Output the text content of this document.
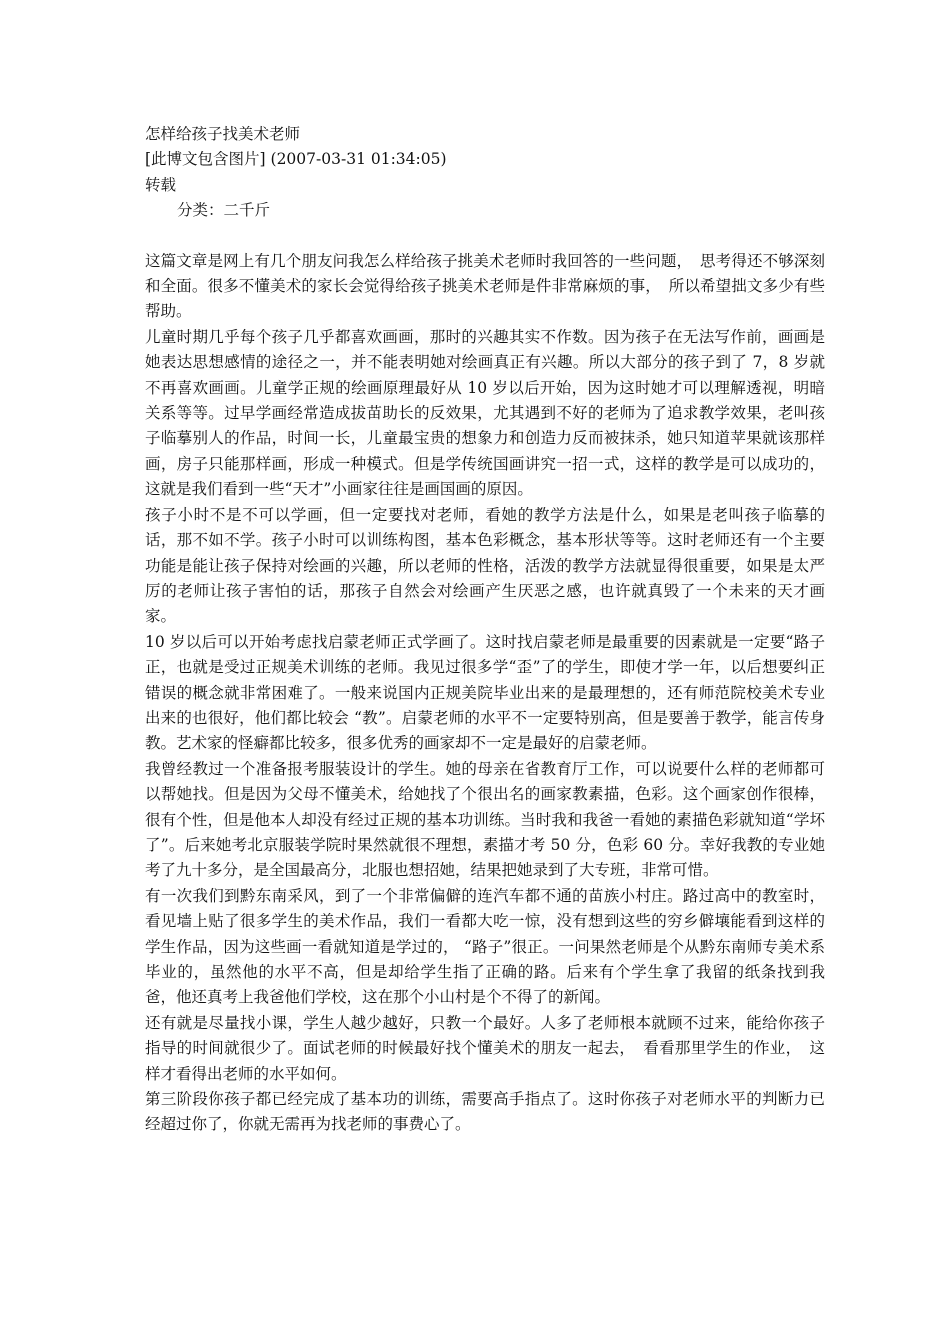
怎样给孩子找美术老师
[此博文包含图片] (2007-03-31 01:34:05)
转载
分类：二千斤

这篇文章是网上有几个朋友问我怎么样给孩子挑美术老师时我回答的一些问题，　思考得还不够深刻和全面。很多不懂美术的家长会觉得给孩子挑美术老师是件非常麻烦的事，　所以希望拙文多少有些帮助。

儿童时期几乎每个孩子几乎都喜欢画画，那时的兴趣其实不作数。因为孩子在无法写作前，画画是她表达思想感情的途径之一，并不能表明她对绘画真正有兴趣。所以大部分的孩子到了 7，8 岁就不再喜欢画画。儿童学正规的绘画原理最好从 10 岁以后开始，因为这时她才可以理解透视，明暗关系等等。过早学画经常造成拔苗助长的反效果，尤其遇到不好的老师为了追求教学效果，老叫孩子临摹别人的作品，时间一长，儿童最宝贵的想象力和创造力反而被抹杀，她只知道苹果就该那样画，房子只能那样画，形成一种模式。但是学传统国画讲究一招一式，这样的教学是可以成功的，这就是我们看到一些“天才”小画家往往是画国画的原因。

孩子小时不是不可以学画，但一定要找对老师，看她的教学方法是什么，如果是老叫孩子临摹的话，那不如不学。孩子小时可以训练构图，基本色彩概念，基本形状等等。这时老师还有一个主要功能是能让孩子保持对绘画的兴趣，所以老师的性格，活泼的教学方法就显得很重要，如果是太严厉的老师让孩子害怕的话，那孩子自然会对绘画产生厌恶之感，也许就真毁了一个未来的天才画家。

10 岁以后可以开始考虑找启蒙老师正式学画了。这时找启蒙老师是最重要的因素就是一定要“路子正，也就是受过正规美术训练的老师。我见过很多学“歪”了的学生，即使才学一年，以后想要纠正错误的概念就非常困难了。一般来说国内正规美院毕业出来的是最理想的，还有师范院校美术专业出来的也很好，他们都比较会 “教”。启蒙老师的水平不一定要特别高，但是要善于教学，能言传身教。艺术家的怪癖都比较多，很多优秀的画家却不一定是最好的启蒙老师。

我曾经教过一个准备报考服装设计的学生。她的母亲在省教育厅工作，可以说要什么样的老师都可以帮她找。但是因为父母不懂美术，给她找了个很出名的画家教素描，色彩。这个画家创作很棒，很有个性，但是他本人却没有经过正规的基本功训练。当时我和我爸一看她的素描色彩就知道“学坏了”。后来她考北京服装学院时果然就很不理想，素描才考 50 分，色彩 60 分。幸好我教的专业她考了九十多分，是全国最高分，北服也想招她，结果把她录到了大专班，非常可惜。

有一次我们到黔东南采风，到了一个非常偏僻的连汽车都不通的苗族小村庄。路过高中的教室时，看见墙上贴了很多学生的美术作品，我们一看都大吃一惊，没有想到这些的穷乡僻壤能看到这样的学生作品，因为这些画一看就知道是学过的， “路子”很正。一问果然老师是个从黔东南师专美术系毕业的，虽然他的水平不高，但是却给学生指了正确的路。后来有个学生拿了我留的纸条找到我爸，他还真考上我爸他们学校，这在那个小山村是个不得了的新闻。

还有就是尽量找小课，学生人越少越好，只教一个最好。人多了老师根本就顾不过来，能给你孩子指导的时间就很少了。面试老师的时候最好找个懂美术的朋友一起去，　看看那里学生的作业，　这样才看得出老师的水平如何。

第三阶段你孩子都已经完成了基本功的训练，需要高手指点了。这时你孩子对老师水平的判断力已经超过你了，你就无需再为找老师的事费心了。
